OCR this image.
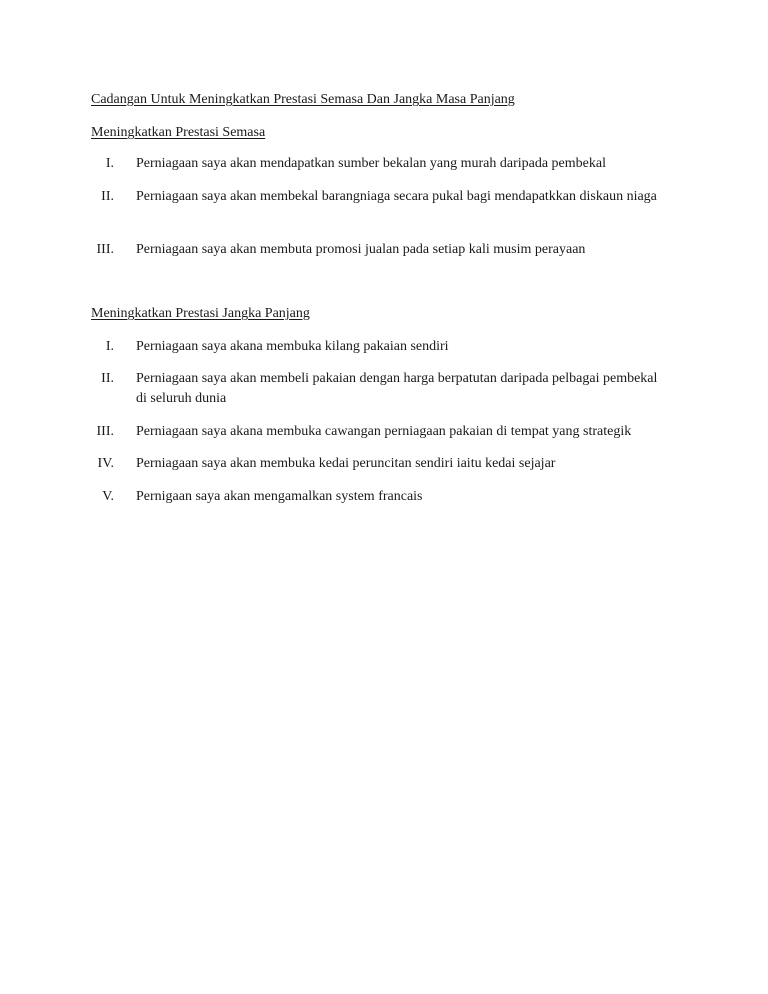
Cadangan Untuk Meningkatkan Prestasi Semasa Dan Jangka Masa Panjang
Meningkatkan Prestasi Semasa
I. Perniagaan saya akan mendapatkan sumber bekalan yang murah daripada pembekal
II. Perniagaan saya akan membekal barangniaga secara pukal bagi mendapatkkan diskaun niaga
III. Perniagaan saya akan membuta promosi jualan pada setiap kali musim perayaan
Meningkatkan Prestasi Jangka Panjang
I. Perniagaan saya akana membuka kilang pakaian sendiri
II. Perniagaan saya akan membeli pakaian dengan harga berpatutan daripada pelbagai pembekal di seluruh dunia
III. Perniagaan saya akana membuka cawangan perniagaan pakaian di tempat yang strategik
IV. Perniagaan saya akan membuka kedai peruncitan sendiri iaitu kedai sejajar
V. Pernigaan saya akan mengamalkan system francais
